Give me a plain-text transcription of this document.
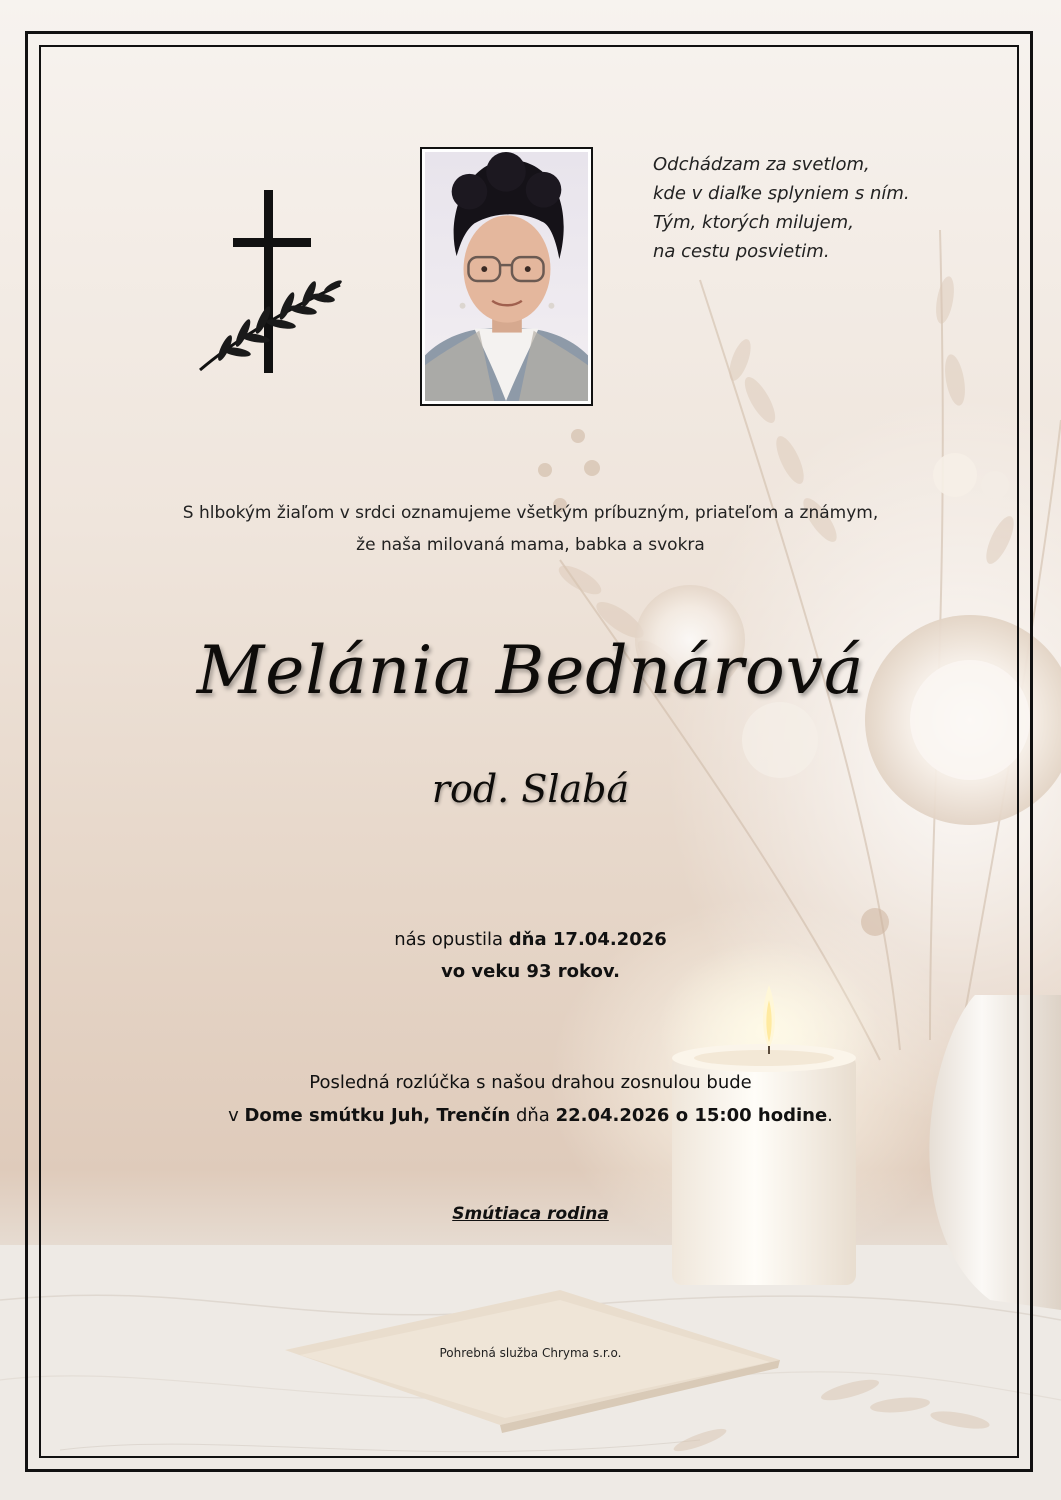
Odchádzam za svetlom,
kde v diaľke splyniem s ním.
Tým, ktorých milujem,
na cestu posvietim.
S hlbokým žiaľom v srdci oznamujeme všetkým príbuzným, priateľom a známym,
že naša milovaná mama, babka a svokra
Melánia Bednárová
rod. Slabá
nás opustila dňa 17.04.2026
vo veku 93 rokov.
Posledná rozlúčka s našou drahou zosnulou bude
v Dome smútku Juh, Trenčín dňa 22.04.2026 o 15:00 hodine.
Smútiaca rodina
Pohrebná služba Chryma s.r.o.
